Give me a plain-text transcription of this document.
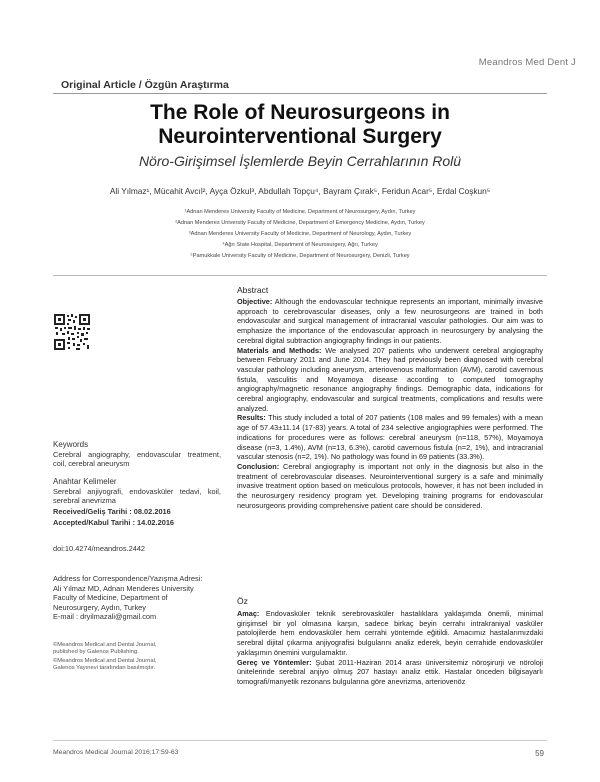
Meandros Med Dent J
Original Article / Özgün Araştırma
The Role of Neurosurgeons in
Neurointerventional Surgery
Nöro-Girişimsel İşlemlerde Beyin Cerrahlarının Rolü
Ali Yılmaz¹, Mücahit Avcıl², Ayça Özkul³, Abdullah Topçu⁴, Bayram Çırak⁵, Feridun Acar⁵, Erdal Coşkun⁵
¹Adnan Menderes University Faculty of Medicine, Department of Neurosurgery, Aydın, Turkey
²Adnan Menderes University Faculty of Medicine, Department of Emergency Medicine, Aydın, Turkey
³Adnan Menderes University Faculty of Medicine, Department of Neurology, Aydın, Turkey
⁴Ağrı State Hospital, Department of Neurosurgery, Ağrı, Turkey
⁵Pamukkale University Faculty of Medicine, Department of Neurosurgery, Denizli, Turkey
Keywords
Cerebral angiography, endovascular treatment, coil, cerebral aneurysm
Anahtar Kelimeler
Serebral anjiyografi, endovasküler tedavi, koil, serebral anevrizma
Received/Geliş Tarihi : 08.02.2016
Accepted/Kabul Tarihi : 14.02.2016
doi:10.4274/meandros.2442
Address for Correspondence/Yazışma Adresi:
Ali Yılmaz MD, Adnan Menderes University
Faculty of Medicine, Department of
Neurosurgery, Aydın, Turkey
E-mail : dryilmazali@gmail.com
©Meandros Medical and Dental Journal,
published by Galenos Publishing.
©Meandros Medical and Dental Journal,
Galenos Yayınevi tarafından basılmıştır.
Abstract
Objective: Although the endovascular technique represents an important, minimally invasive approach to cerebrovascular diseases, only a few neurosurgeons are trained in both endovascular and surgical management of intracranial vascular pathologies. Our aim was to emphasize the importance of the endovascular approach in neurosurgery by analysing the cerebral digital subtraction angiography findings in our patients.
Materials and Methods: We analysed 207 patients who underwent cerebral angiography between February 2011 and June 2014. They had previously been diagnosed with cerebral vascular pathology including aneurysm, arteriovenous malformation (AVM), carotid cavernous fistula, vasculitis and Moyamoya disease according to computed tomography angiography/magnetic resonance angiography findings. Demographic data, indications for cerebral angiography, endovascular and surgical treatments, complications and results were analyzed.
Results: This study included a total of 207 patients (108 males and 99 females) with a mean age of 57.43±11.14 (17-83) years. A total of 234 selective angiographies were performed. The indications for procedures were as follows: cerebral aneurysm (n=118, 57%), Moyamoya disease (n=3, 1.4%), AVM (n=13, 6.3%), carotid cavernous fistula (n=2, 1%), and intracranial vascular stenosis (n=2, 1%). No pathology was found in 69 patients (33.3%).
Conclusion: Cerebral angiography is important not only in the diagnosis but also in the treatment of cerebrovascular diseases. Neurointerventional surgery is a safe and minimally invasive treatment option based on meticulous protocols, however, it has not been included in the neurosurgery residency program yet. Developing training programs for endovascular neurosurgeons providing comprehensive patient care should be considered.
Öz
Amaç: Endovasküler teknik serebrovasküler hastalıklara yaklaşımda önemli, minimal girişimsel bir yol olmasına karşın, sadece birkaç beyin cerrahı intrakraniyal vasküler patolojilerde hem endovasküler hem cerrahi yöntemde eğitildi. Amacımız hastalarımızdaki serebral dijital çıkarma anjiyografisi bulgularını analiz ederek, beyin cerrahide endovasküler yaklaşımın önemini vurgulamaktır.
Gereç ve Yöntemler: Şubat 2011-Haziran 2014 arası üniversitemiz nöroşirurji ve nöroloji ünitelerinde serebral anjiyo olmuş 207 hastayı analiz ettik. Hastalar önceden bilgisayarlı tomografi/manyetik rezonans bulgularına göre anevrizma, arteriovenöz
Meandros Medical Journal 2016;17:59-63	59
